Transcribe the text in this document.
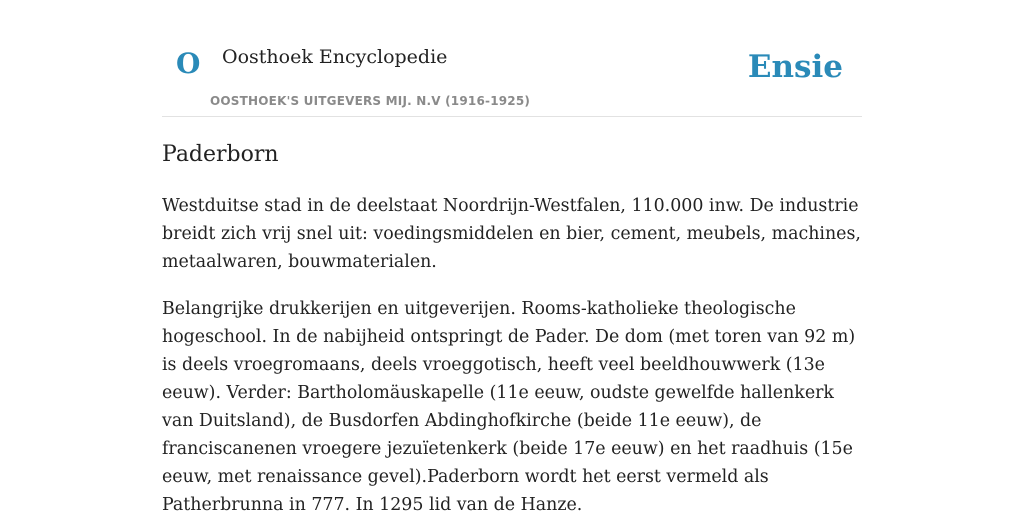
O Oosthoek Encyclopedie
OOSTHOEK'S UITGEVERS MIJ. N.V (1916-1925)
Ensie
Paderborn

Westduitse stad in de deelstaat Noordrijn-Westfalen, 110.000 inw. De industrie breidt zich vrij snel uit: voedingsmiddelen en bier, cement, meubels, machines, metaalwaren, bouwmaterialen.

Belangrijke drukkerijen en uitgeverijen. Rooms-katholieke theologische hogeschool. In de nabijheid ontspringt de Pader. De dom (met toren van 92 m) is deels vroegromaans, deels vroeggotisch, heeft veel beeldhouwwerk (13e eeuw). Verder: Bartholomäuskapelle (11e eeuw, oudste gewelfde hallenkerk van Duitsland), de Busdorfen Abdinghofkirche (beide 11e eeuw), de franciscanenen vroegere jezuïetenkerk (beide 17e eeuw) en het raadhuis (15e eeuw, met renaissance gevel).Paderborn wordt het eerst vermeld als Patherbrunna in 777. In 1295 lid van de Hanze.
